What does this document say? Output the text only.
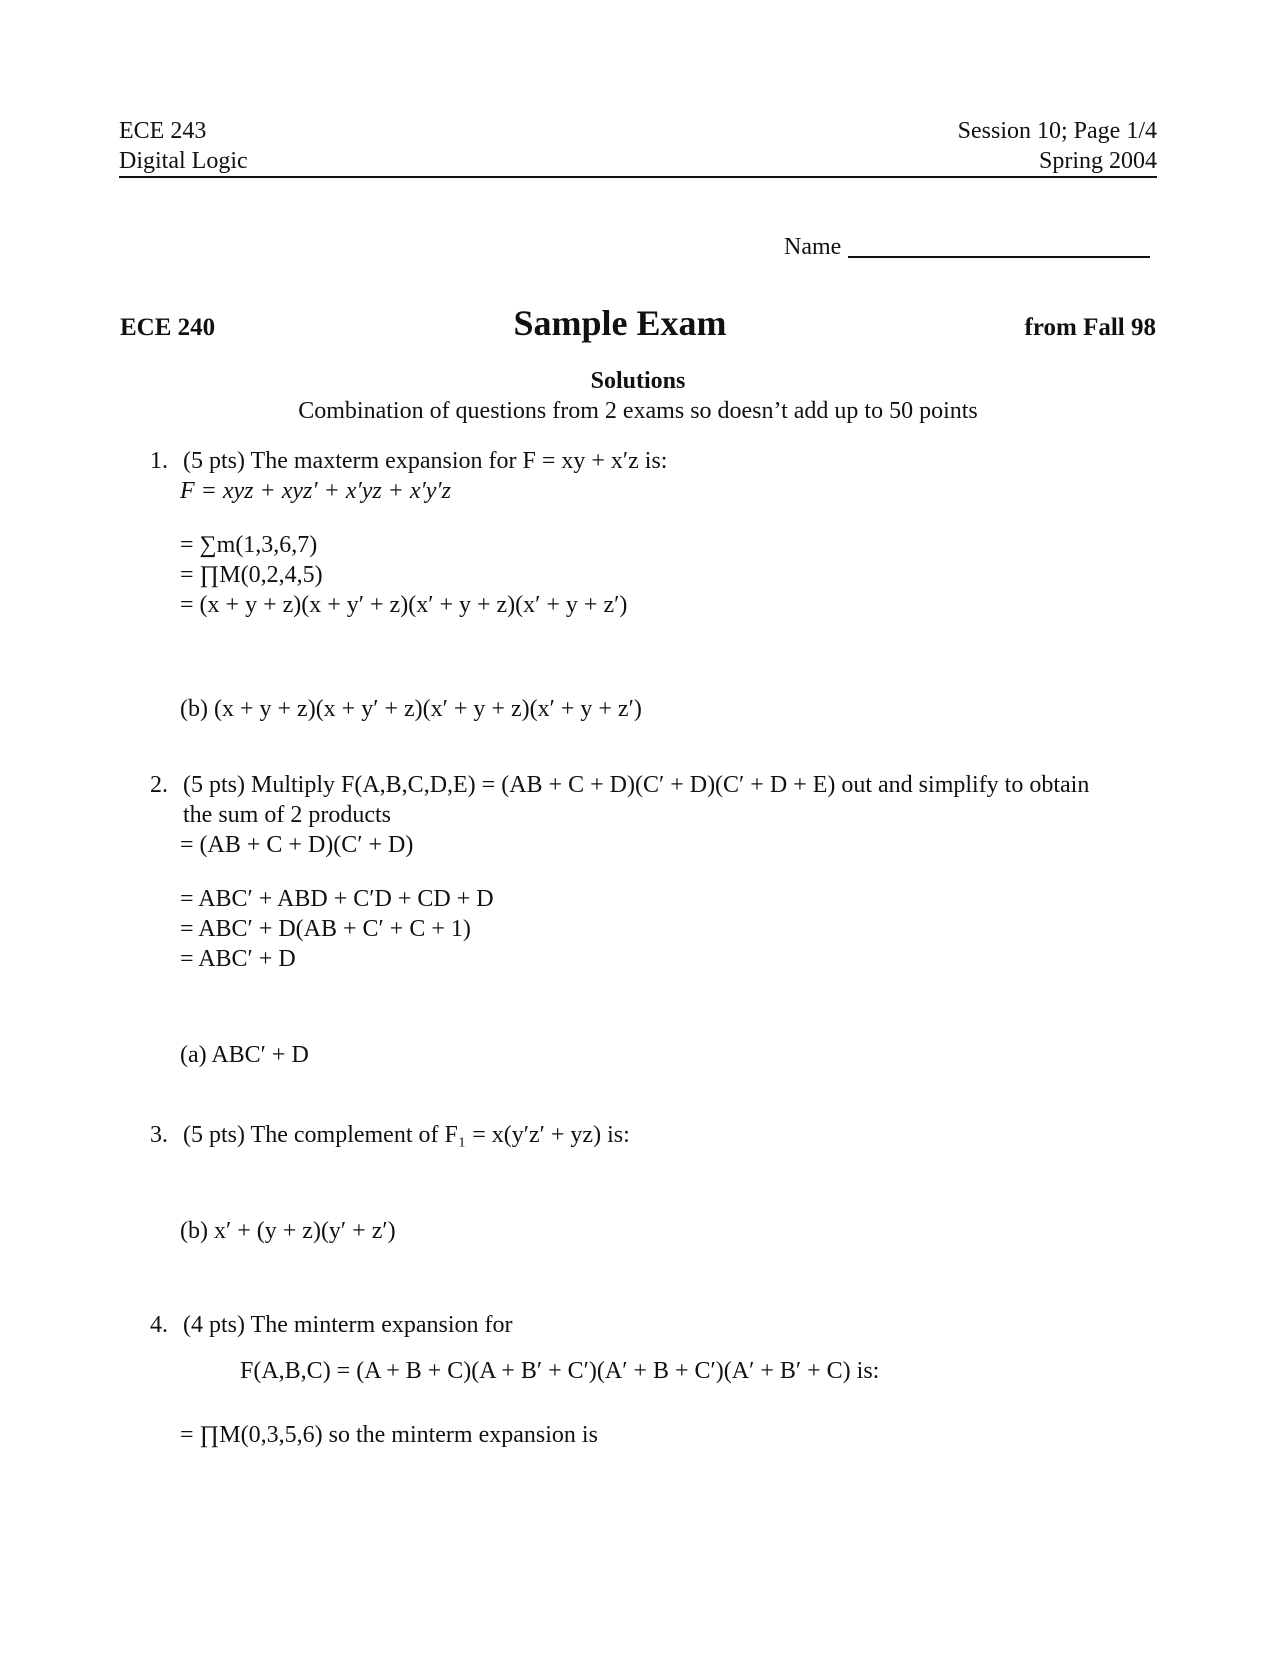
ECE 243
Digital Logic
Session 10; Page 1/4
Spring 2004
Name
ECE 240	Sample Exam	from Fall 98
Solutions
Combination of questions from 2 exams so doesn’t add up to 50 points
1. (5 pts) The maxterm expansion for F = xy + x′z is:
F = xyz + xyz′ + x′yz + x′y′z
= ∑m(1,3,6,7)
= ∏M(0,2,4,5)
= (x + y + z)(x + y′ + z)(x′ + y + z)(x′ + y + z′)
(b) (x + y + z)(x + y′ + z)(x′ + y + z)(x′ + y + z′)
2. (5 pts) Multiply F(A,B,C,D,E) = (AB + C + D)(C′ + D)(C′ + D + E) out and simplify to obtain
the sum of 2 products
= (AB + C + D)(C′ + D)
= ABC′ + ABD + C′D + CD + D
= ABC′ + D(AB + C′ + C + 1)
= ABC′ + D
(a) ABC′ + D
3. (5 pts) The complement of F₁ = x(y′z′ + yz) is:
(b) x′ + (y + z)(y′ + z′)
4. (4 pts) The minterm expansion for
F(A,B,C) = (A + B + C)(A + B′ + C′)(A′ + B + C′)(A′ + B′ + C) is:
= ∏M(0,3,5,6) so the minterm expansion is
